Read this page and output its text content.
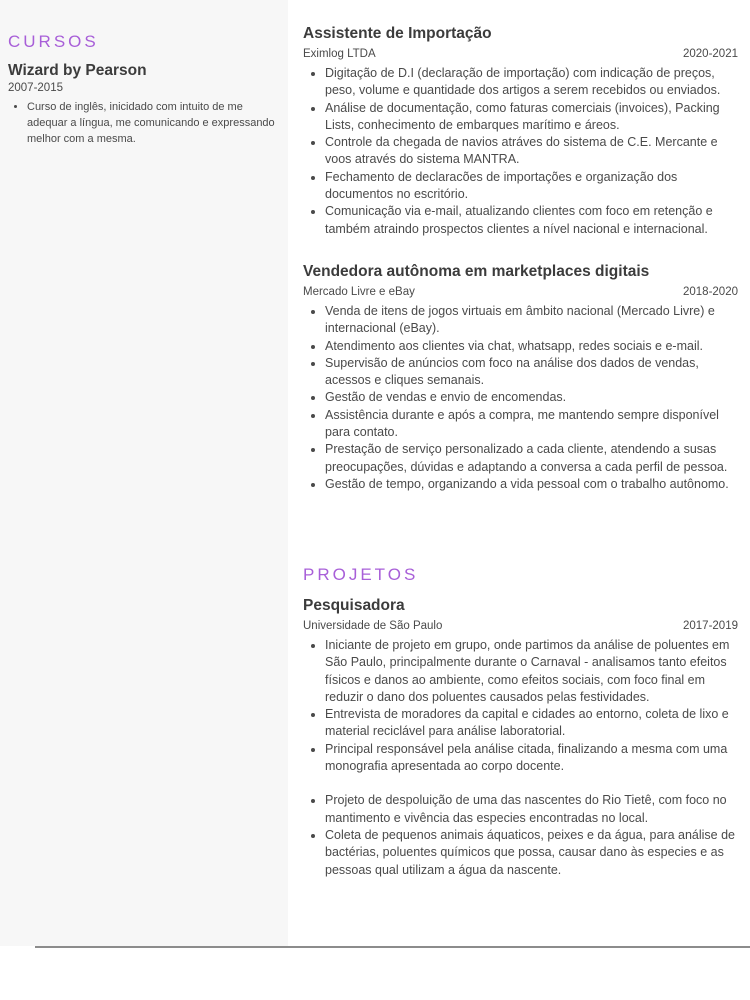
CURSOS
Wizard by Pearson
2007-2015
• Curso de inglês, inicidado com intuito de me adequar a língua, me comunicando e expressando melhor com a mesma.
Assistente de Importação
Eximlog LTDA	2020-2021
• Digitação de D.I (declaração de importação) com indicação de preços, peso, volume e quantidade dos artigos a serem recebidos ou enviados.
• Análise de documentação, como faturas comerciais (invoices), Packing Lists, conhecimento de embarques marítimo e áreos.
• Controle da chegada de navios atráves do sistema de C.E. Mercante e voos através do sistema MANTRA.
• Fechamento de declaracões de importações e organização dos documentos no escritório.
• Comunicação via e-mail, atualizando clientes com foco em retenção e também atraindo prospectos clientes a nível nacional e internacional.
Vendedora autônoma em marketplaces digitais
Mercado Livre e eBay	2018-2020
• Venda de itens de jogos virtuais em âmbito nacional (Mercado Livre) e internacional (eBay).
• Atendimento aos clientes via chat, whatsapp, redes sociais e e-mail.
• Supervisão de anúncios com foco na análise dos dados de vendas, acessos e cliques semanais.
• Gestão de vendas e envio de encomendas.
• Assistência durante e após a compra, me mantendo sempre disponível para contato.
• Prestação de serviço personalizado a cada cliente, atendendo a susas preocupações, dúvidas e adaptando a conversa a cada perfil de pessoa.
• Gestão de tempo, organizando a vida pessoal com o trabalho autônomo.
PROJETOS
Pesquisadora
Universidade de São Paulo	2017-2019
• Iniciante de projeto em grupo, onde partimos da análise de poluentes em São Paulo, principalmente durante o Carnaval - analisamos tanto efeitos físicos e danos ao ambiente, como efeitos sociais, com foco final em reduzir o dano dos poluentes causados pelas festividades.
• Entrevista de moradores da capital e cidades ao entorno, coleta de lixo e material reciclável para análise laboratorial.
• Principal responsável pela análise citada, finalizando a mesma com uma monografia apresentada ao corpo docente.
• Projeto de despoluição de uma das nascentes do Rio Tietê, com foco no mantimento e vivência das especies encontradas no local.
• Coleta de pequenos animais áquaticos, peixes e da água, para análise de bactérias, poluentes químicos que possa, causar dano às especies e as pessoas qual utilizam a água da nascente.
